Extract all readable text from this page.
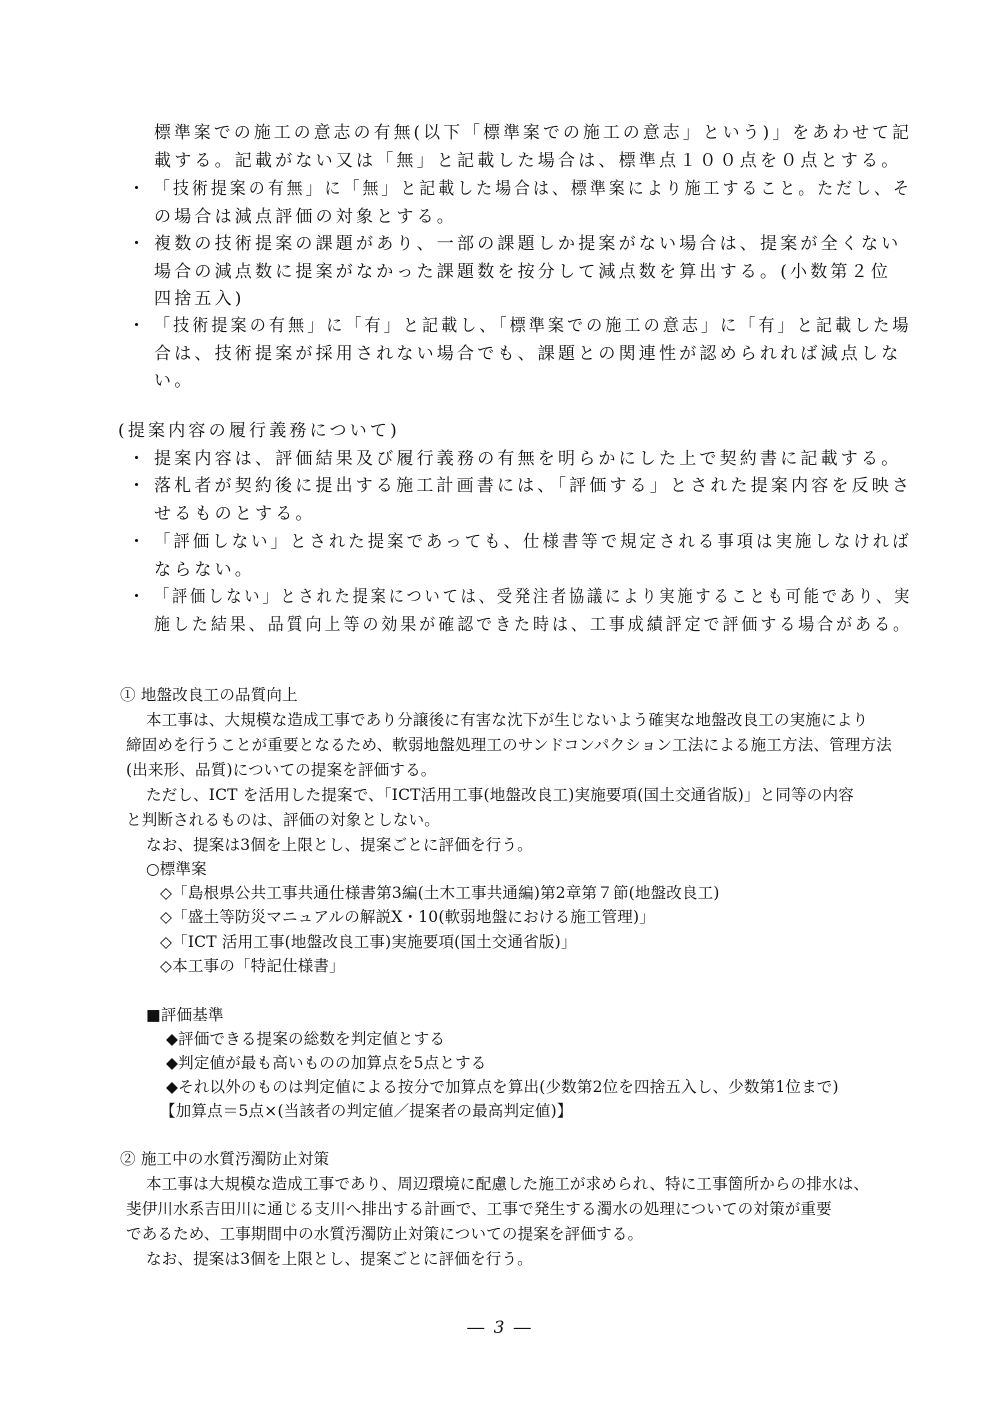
標準案での施工の意志の有無(以下「標準案での施工の意志」という)」をあわせて記
載する。記載がない又は「無」と記載した場合は、標準点１００点を０点とする。
・ 「技術提案の有無」に「無」と記載した場合は、標準案により施工すること。ただし、そ
の場合は減点評価の対象とする。
・ 複数の技術提案の課題があり、一部の課題しか提案がない場合は、提案が全くない
場合の減点数に提案がなかった課題数を按分して減点数を算出する。(小数第２位
四捨五入)
・ 「技術提案の有無」に「有」と記載し、「標準案での施工の意志」に「有」と記載した場
合は、技術提案が採用されない場合でも、課題との関連性が認められれば減点しな
い。
(提案内容の履行義務について)
・ 提案内容は、評価結果及び履行義務の有無を明らかにした上で契約書に記載する。
・ 落札者が契約後に提出する施工計画書には、「評価する」とされた提案内容を反映さ
せるものとする。
・ 「評価しない」とされた提案であっても、仕様書等で規定される事項は実施しなければ
ならない。
・ 「評価しない」とされた提案については、受発注者協議により実施することも可能であり、実
施した結果、品質向上等の効果が確認できた時は、工事成績評定で評価する場合がある。
① 地盤改良工の品質向上
本工事は、大規模な造成工事であり分譲後に有害な沈下が生じないよう確実な地盤改良工の実施により
締固めを行うことが重要となるため、軟弱地盤処理工のサンドコンパクション工法による施工方法、管理方法
(出来形、品質)についての提案を評価する。
ただし、ICT を活用した提案で、「ICT活用工事(地盤改良工)実施要項(国土交通省版)」と同等の内容
と判断されるものは、評価の対象としない。
なお、提案は3個を上限とし、提案ごとに評価を行う。
○標準案
◇「島根県公共工事共通仕様書第3編(土木工事共通編)第2章第７節(地盤改良工)
◇「盛土等防災マニュアルの解説Ⅹ・10(軟弱地盤における施工管理)」
◇「ICT 活用工事(地盤改良工事)実施要項(国土交通省版)」
◇本工事の「特記仕様書」
■評価基準
◆評価できる提案の総数を判定値とする
◆判定値が最も高いものの加算点を5点とする
◆それ以外のものは判定値による按分で加算点を算出(少数第2位を四捨五入し、少数第1位まで)
【加算点＝5点×(当該者の判定値／提案者の最高判定値)】
② 施工中の水質汚濁防止対策
本工事は大規模な造成工事であり、周辺環境に配慮した施工が求められ、特に工事箇所からの排水は、
斐伊川水系吉田川に通じる支川へ排出する計画で、工事で発生する濁水の処理についての対策が重要
であるため、工事期間中の水質汚濁防止対策についての提案を評価する。
なお、提案は3個を上限とし、提案ごとに評価を行う。
― 3 ―
